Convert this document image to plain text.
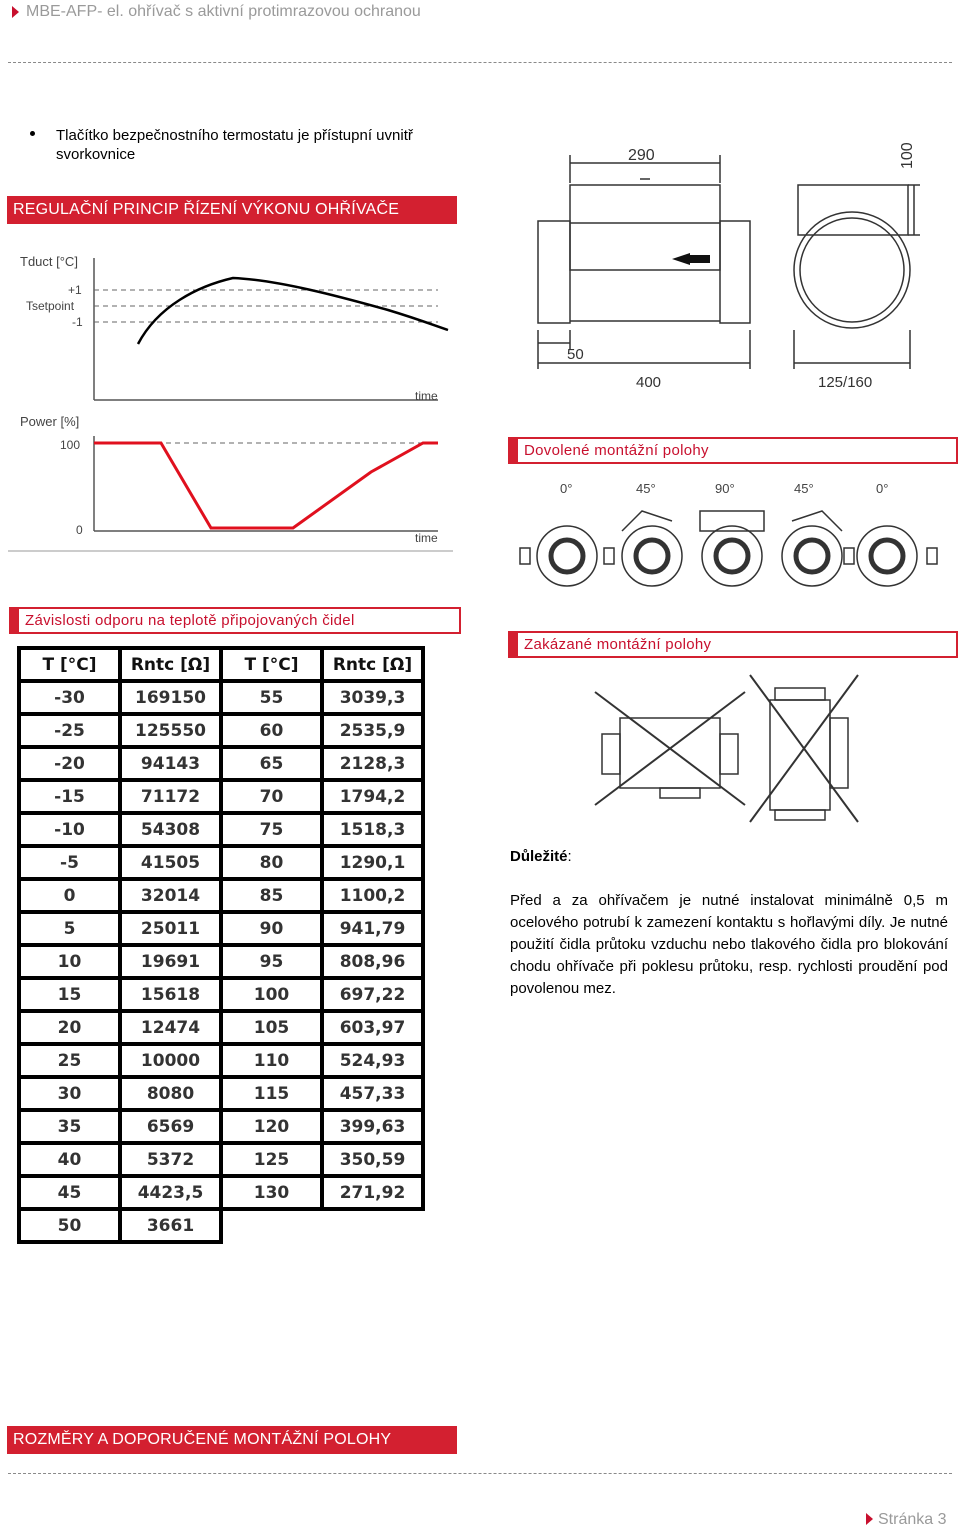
MBE-AFP- el. ohřívač s aktivní protimrazovou ochranou
Tlačítko bezpečnostního termostatu je přístupní uvnitř svorkovnice
REGULAČNÍ PRINCIP ŘÍZENÍ VÝKONU OHŘÍVAČE
Tduct [°C]
+1
Tsetpoint
-1
time
Power [%]
100
0
time
290	100
50
400	125/160
Dovolené montážní polohy
0°	45°	90°	45°	0°
Závislosti odporu na teplotě připojovaných čidel
Zakázané montážní polohy
Důležité:
Před a za ohřívačem je nutné instalovat minimálně 0,5 m ocelového potrubí k zamezení kontaktu s hořlavými díly. Je nutné použití čidla průtoku vzduchu nebo tlakového čidla pro blokování chodu ohřívače při poklesu průtoku, resp. rychlosti proudění pod povolenou mez.
T [°C]	Rntc [Ω]	T [°C]	Rntc [Ω]
-30	169150	55	3039,3
-25	125550	60	2535,9
-20	94143	65	2128,3
-15	71172	70	1794,2
-10	54308	75	1518,3
-5	41505	80	1290,1
0	32014	85	1100,2
5	25011	90	941,79
10	19691	95	808,96
15	15618	100	697,22
20	12474	105	603,97
25	10000	110	524,93
30	8080	115	457,33
35	6569	120	399,63
40	5372	125	350,59
45	4423,5	130	271,92
50	3661		
ROZMĚRY A DOPORUČENÉ MONTÁŽNÍ POLOHY
Stránka 3
